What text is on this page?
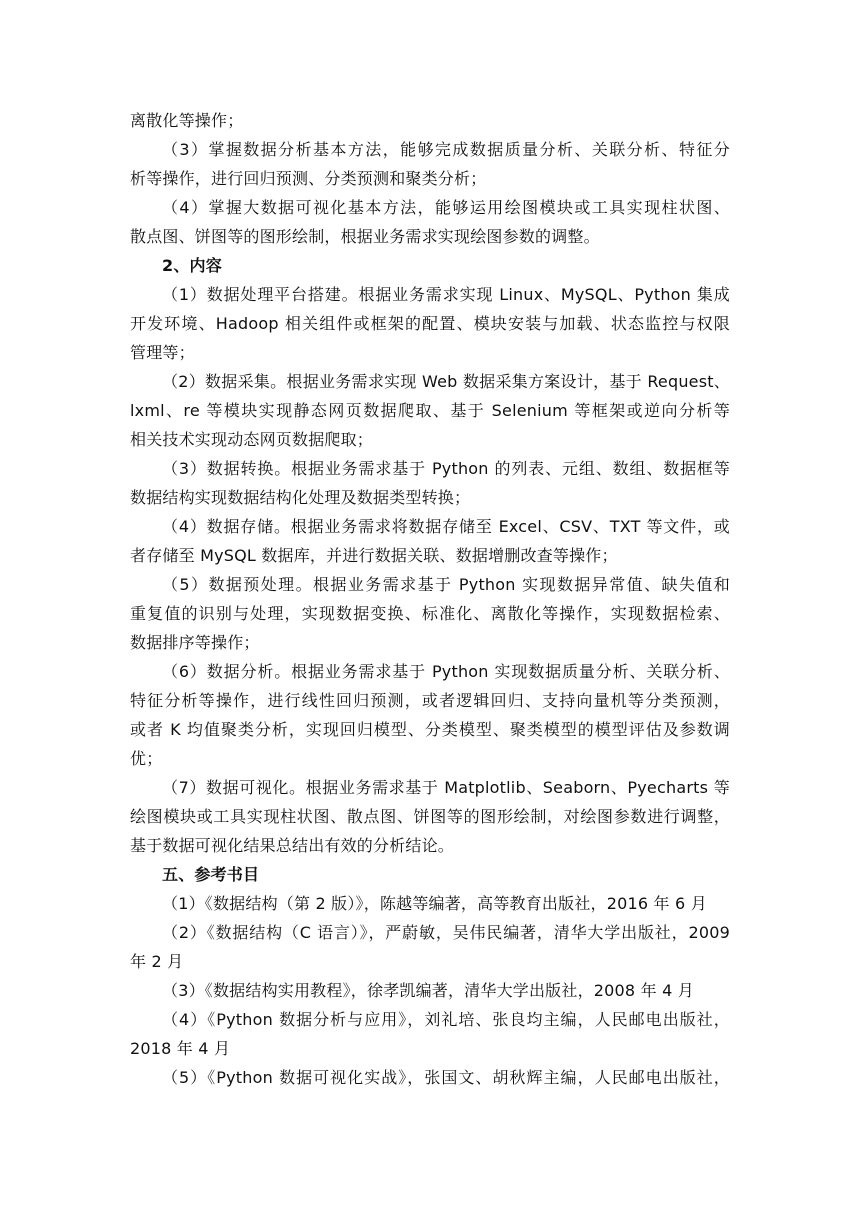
离散化等操作；
（3）掌握数据分析基本方法，能够完成数据质量分析、关联分析、特征分
析等操作，进行回归预测、分类预测和聚类分析；
（4）掌握大数据可视化基本方法，能够运用绘图模块或工具实现柱状图、
散点图、饼图等的图形绘制，根据业务需求实现绘图参数的调整。
2、内容
（1）数据处理平台搭建。根据业务需求实现 Linux、MySQL、Python 集成
开发环境、Hadoop 相关组件或框架的配置、模块安装与加载、状态监控与权限
管理等；
（2）数据采集。根据业务需求实现 Web 数据采集方案设计，基于 Request、
lxml、re 等模块实现静态网页数据爬取、基于 Selenium 等框架或逆向分析等
相关技术实现动态网页数据爬取；
（3）数据转换。根据业务需求基于 Python 的列表、元组、数组、数据框等
数据结构实现数据结构化处理及数据类型转换；
（4）数据存储。根据业务需求将数据存储至 Excel、CSV、TXT 等文件，或
者存储至 MySQL 数据库，并进行数据关联、数据增删改查等操作；
（5）数据预处理。根据业务需求基于 Python 实现数据异常值、缺失值和
重复值的识别与处理，实现数据变换、标准化、离散化等操作，实现数据检索、
数据排序等操作；
（6）数据分析。根据业务需求基于 Python 实现数据质量分析、关联分析、
特征分析等操作，进行线性回归预测，或者逻辑回归、支持向量机等分类预测，
或者 K 均值聚类分析，实现回归模型、分类模型、聚类模型的模型评估及参数调
优；
（7）数据可视化。根据业务需求基于 Matplotlib、Seaborn、Pyecharts 等
绘图模块或工具实现柱状图、散点图、饼图等的图形绘制，对绘图参数进行调整，
基于数据可视化结果总结出有效的分析结论。
五、参考书目
（1）《数据结构（第 2 版）》，陈越等编著，高等教育出版社，2016 年 6 月
（2）《数据结构（C 语言）》，严蔚敏，吴伟民编著，清华大学出版社，2009
年 2 月
（3）《数据结构实用教程》，徐孝凯编著，清华大学出版社，2008 年 4 月
（4）《Python 数据分析与应用》，刘礼培、张良均主编，人民邮电出版社，
2018 年 4 月
（5）《Python 数据可视化实战》，张国文、胡秋辉主编，人民邮电出版社，
